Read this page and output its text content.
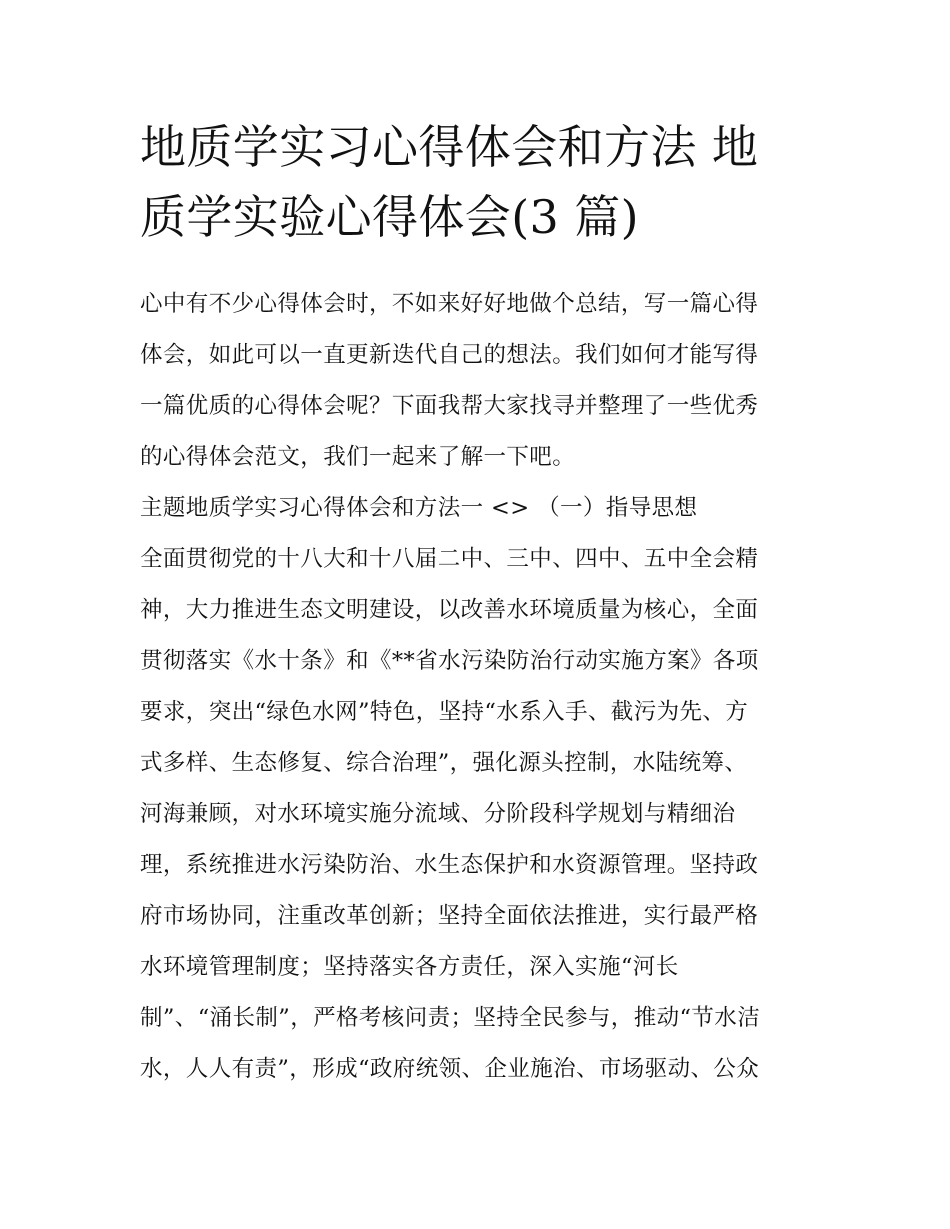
地质学实习心得体会和方法 地
质学实验心得体会(3 篇)

心中有不少心得体会时，不如来好好地做个总结，写一篇心得
体会，如此可以一直更新迭代自己的想法。我们如何才能写得
一篇优质的心得体会呢？下面我帮大家找寻并整理了一些优秀
的心得体会范文，我们一起来了解一下吧。

主题地质学实习心得体会和方法一 <> （一）指导思想

全面贯彻党的十八大和十八届二中、三中、四中、五中全会精
神，大力推进生态文明建设，以改善水环境质量为核心，全面
贯彻落实《水十条》和《**省水污染防治行动实施方案》各项
要求，突出“绿色水网”特色，坚持“水系入手、截污为先、方
式多样、生态修复、综合治理”，强化源头控制，水陆统筹、
河海兼顾，对水环境实施分流域、分阶段科学规划与精细治
理，系统推进水污染防治、水生态保护和水资源管理。坚持政
府市场协同，注重改革创新；坚持全面依法推进，实行最严格
水环境管理制度；坚持落实各方责任，深入实施“河长
制”、“涌长制”，严格考核问责；坚持全民参与，推动“节水洁
水，人人有责”，形成“政府统领、企业施治、市场驱动、公众
